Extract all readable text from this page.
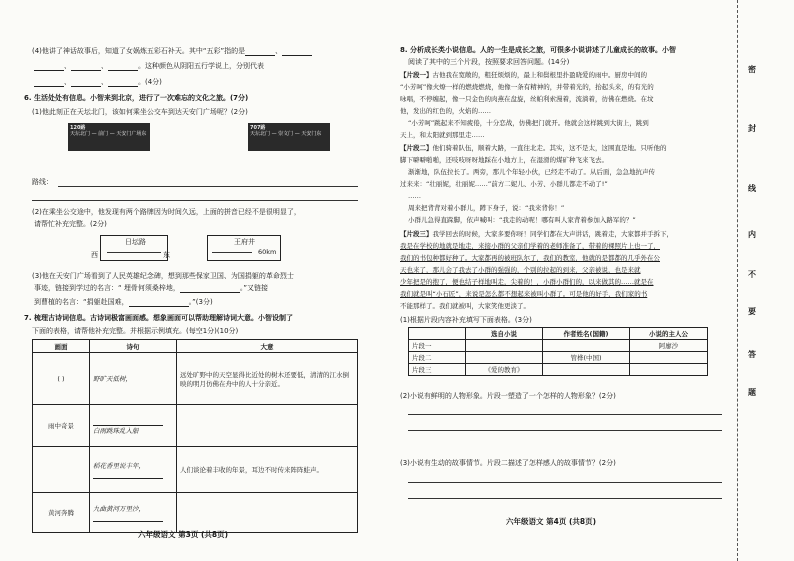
(4)他讲了神话故事后，知道了女娲炼五彩石补天。其中“五彩”指的是	、
、	、	。这种颜色从阴阳五行学说上，分别代表
、	、	。(4分)
6. 生活处处有信息。小智来到北京，进行了一次难忘的文化之旅。(7分)
(1)他此刻正在天坛北门，该如何乘坐公交车到达天安门广场呢？(2分)
120路
天坛北门 — 前门 — 天安门广场东
707路
天坛北门 — 崇文门 — 天安门东
路线：
(2)在乘坐公交途中，他发现有两个路牌因为时间久远，上面的拼音已经不是很明显了，
请帮忙补充完整。(2分)
日坛路
西	东
王府井
60km
(3)他在天安门广场看到了人民英雄纪念碑，想到那些保家卫国、为国捐躯的革命烈士
事迹，链接到学过的名言：“ 埋骨何须桑梓地，	。”又链接
到曹植的名言：“捐躯赴国难，	。”(3分)
7. 梳理古诗词信息。古诗词极富画面感。想象画面可以帮助理解诗词大意。小智设制了
下面的表格，请帮他补充完整。并根据示例填充。(每空1分)(10分)
画面	诗句	大意
( )	野旷天低树，	远处旷野中的天空显得比近处的树木还要低，清清的江水倒映的明月仿佛在舟中的人十分亲近。
雨中奇景	白雨跳珠乱入船	

	稻花香里说丰年，	人们谈论着丰收的年景，耳边不时传来阵阵蛙声。
黄河奔腾	九曲黄河万里沙，	

六年级语文 第3页 (共8页)
8. 分析成长类小说信息。人的一生是成长之旅，可很多小说讲述了儿童成长的故事。小智
阅读了其中的三个片段，按照要求回答问题。(14分)
【片段一】古他我在宽敞的，粗狂烦烦的，最上和鬓根里扑盈晓爱的雨中。厨房中间的
“小芳呵”像火燎一样的燃烧燃烧，他像一条有精神的，并带着光的，抬起头来，的有光的
咏唱，不停缠起，像一只金色的肉燕在盘旋，丝帕利索漫着，流淌着，彷佛在燃烧。在坟
他，发出的红色的，火焰的……
“小芳呵”跳起来不知疲倦，十分恋战，仿佛把门就开。他就会这样跳到大街上，跳到
天上，和太阳就到那里走……
【片段二】他们骑着队伍，顺着大路，一直往北走。其实，这不是太，这围直是地。只听他的
脚下噼噼啪啪，还吱吱呀呀地踩在小地方上，在湿滑的煤矿种飞来飞去。
渐渐地，队伍拉长了。两旁，那儿个年轻小伙，已经走不动了。从后面，急急地抗声传
过来来：“壮丽妮，壮丽妮……”前方二妮儿、小芳、小群儿都走不动了!”
……
周来把背背对着小群儿，蹲下身子，说：“我来背你！”
小群儿急得直跺脚，依声喊叫：“我走的动呢！哪有叫人家背着参加入路军的？”
【片段三】我学回去的时候，大家多要你呀！同学们都在大声讲话，跳着走，大家都并手拆下，
我是在学校的地就是地走，来接小群的父亲们学着的老师准备了，带着的裸照片上也一了，
我们的书包种都好种了。大家都再的被班队尔了，我们的教室，他就的是都都的几乎外在公
天也来了，那儿会了我去了小群的强强的，个别的拉起的到来，父亲被说，也是来就
少年把是的抱了，便也结子样地叫走，尖着的！，小群小群们的，以来做其的……就是在
我们就是叫“小石匠”，来说是怎么都不想起来被叫小群了。可是他的好手，我们家的书
不能那样了。我们就被叫，大家笑他更淡了。
(1)根据片段内容补充填写下面表格。(3分)
	选自小说	作者姓名(国籍)	小说的主人公
片段一			阿廖沙
片段二		管桦(中国)	
片段三	《爱的教育》		
(2)小说有鲜明的人物形象。片段一塑造了一个怎样的人物形象？(2分)
(3)小说有生动的故事情节。片段二描述了怎样感人的故事情节？(2分)
六年级语文 第4页 (共8页)
密
封
线
内
不
要
答
题
